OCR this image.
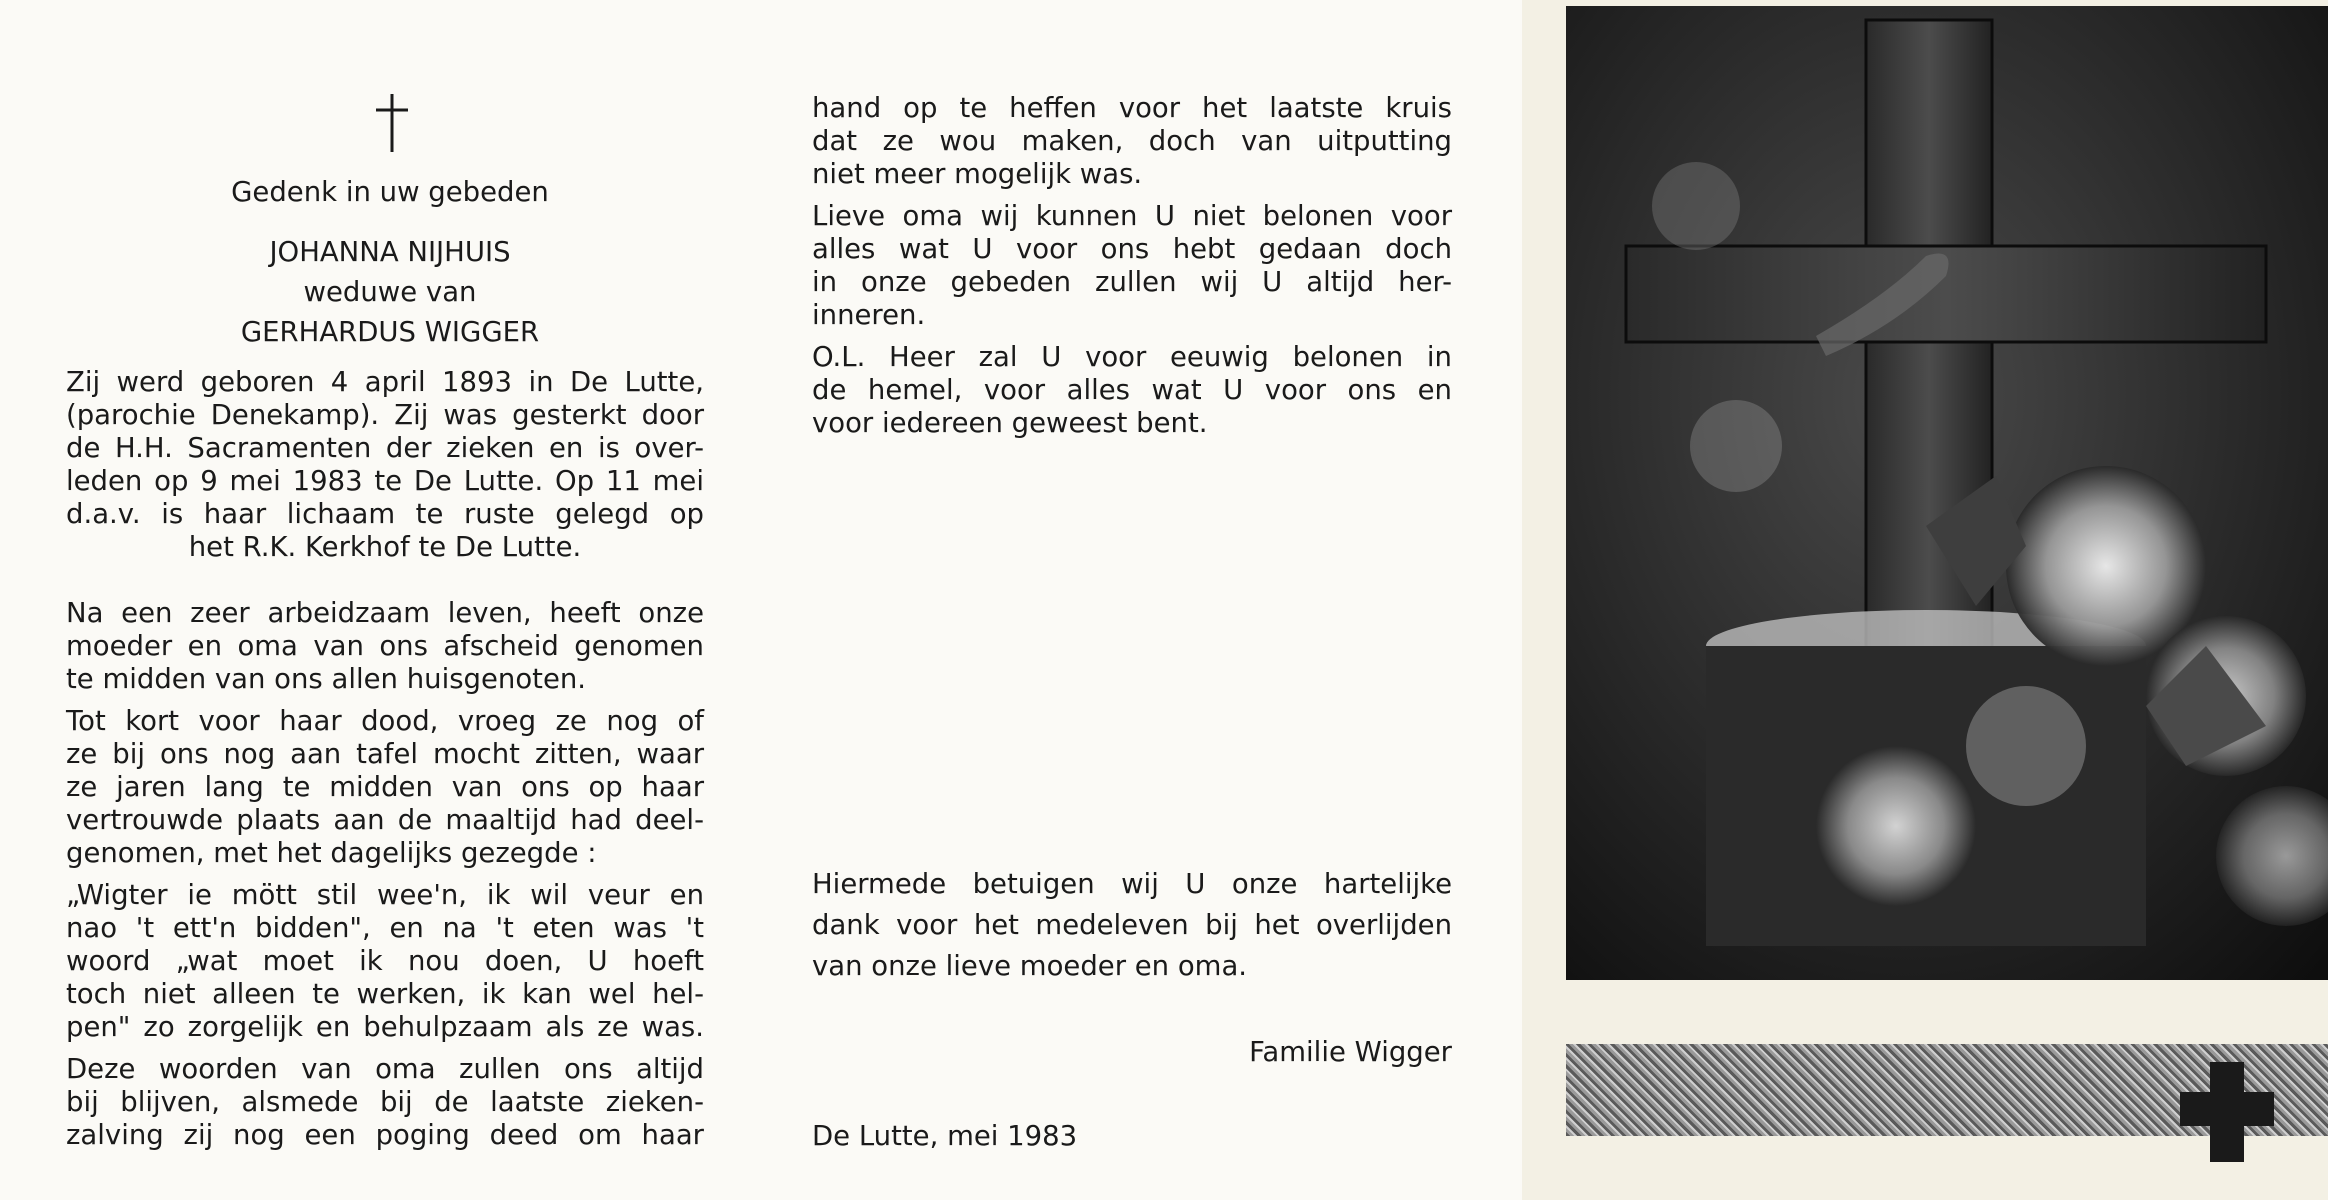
Gedenk in uw gebeden
JOHANNA NIJHUIS
weduwe van
GERHARDUS WIGGER
Zij werd geboren 4 april 1893 in De Lutte,
(parochie Denekamp). Zij was gesterkt door
de H.H. Sacramenten der zieken en is over-
leden op 9 mei 1983 te De Lutte. Op 11 mei
d.a.v. is haar lichaam te ruste gelegd op
het R.K. Kerkhof te De Lutte.
Na een zeer arbeidzaam leven, heeft onze
moeder en oma van ons afscheid genomen
te midden van ons allen huisgenoten.
Tot kort voor haar dood, vroeg ze nog of
ze bij ons nog aan tafel mocht zitten, waar
ze jaren lang te midden van ons op haar
vertrouwde plaats aan de maaltijd had deel-
genomen, met het dagelijks gezegde :
„Wigter ie mött stil wee'n, ik wil veur en
nao 't ett'n bidden", en na 't eten was 't
woord „wat moet ik nou doen, U hoeft
toch niet alleen te werken, ik kan wel hel-
pen" zo zorgelijk en behulpzaam als ze was.
Deze woorden van oma zullen ons altijd
bij blijven, alsmede bij de laatste zieken-
zalving zij nog een poging deed om haar
hand op te heffen voor het laatste kruis
dat ze wou maken, doch van uitputting
niet meer mogelijk was.
Lieve oma wij kunnen U niet belonen voor
alles wat U voor ons hebt gedaan doch
in onze gebeden zullen wij U altijd her-
inneren.
O.L. Heer zal U voor eeuwig belonen in
de hemel, voor alles wat U voor ons en
voor iedereen geweest bent.
Hiermede betuigen wij U onze hartelijke
dank voor het medeleven bij het overlijden
van onze lieve moeder en oma.
Familie Wigger
De Lutte, mei 1983
